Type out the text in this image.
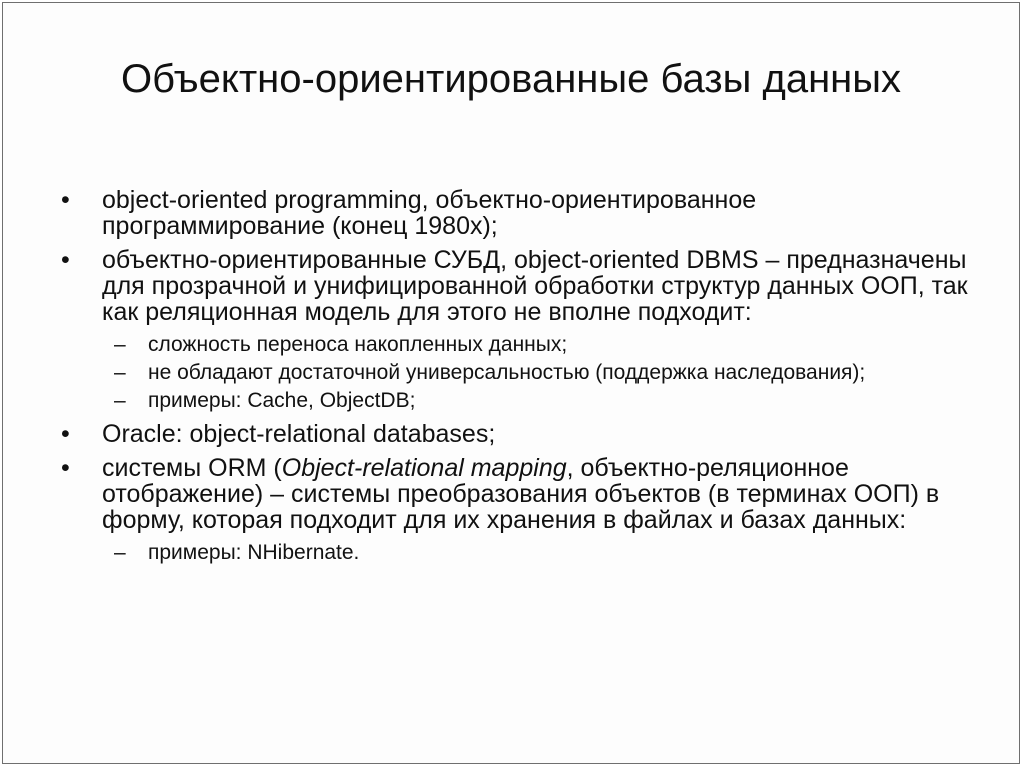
Объектно-ориентированные базы данных
• object-oriented programming, объектно-ориентированное программирование (конец 1980х);
• объектно-ориентированные СУБД, object-oriented DBMS – предназначены для прозрачной и унифицированной обработки структур данных ООП, так как реляционная модель для этого не вполне подходит:
– сложность переноса накопленных данных;
– не обладают достаточной универсальностью (поддержка наследования);
– примеры: Cache, ObjectDB;
• Oracle: object-relational databases;
• системы ORM (Object-relational mapping, объектно-реляционное отображение) – системы преобразования объектов (в терминах ООП) в форму, которая подходит для их хранения в файлах и базах данных:
– примеры: NHibernate.
